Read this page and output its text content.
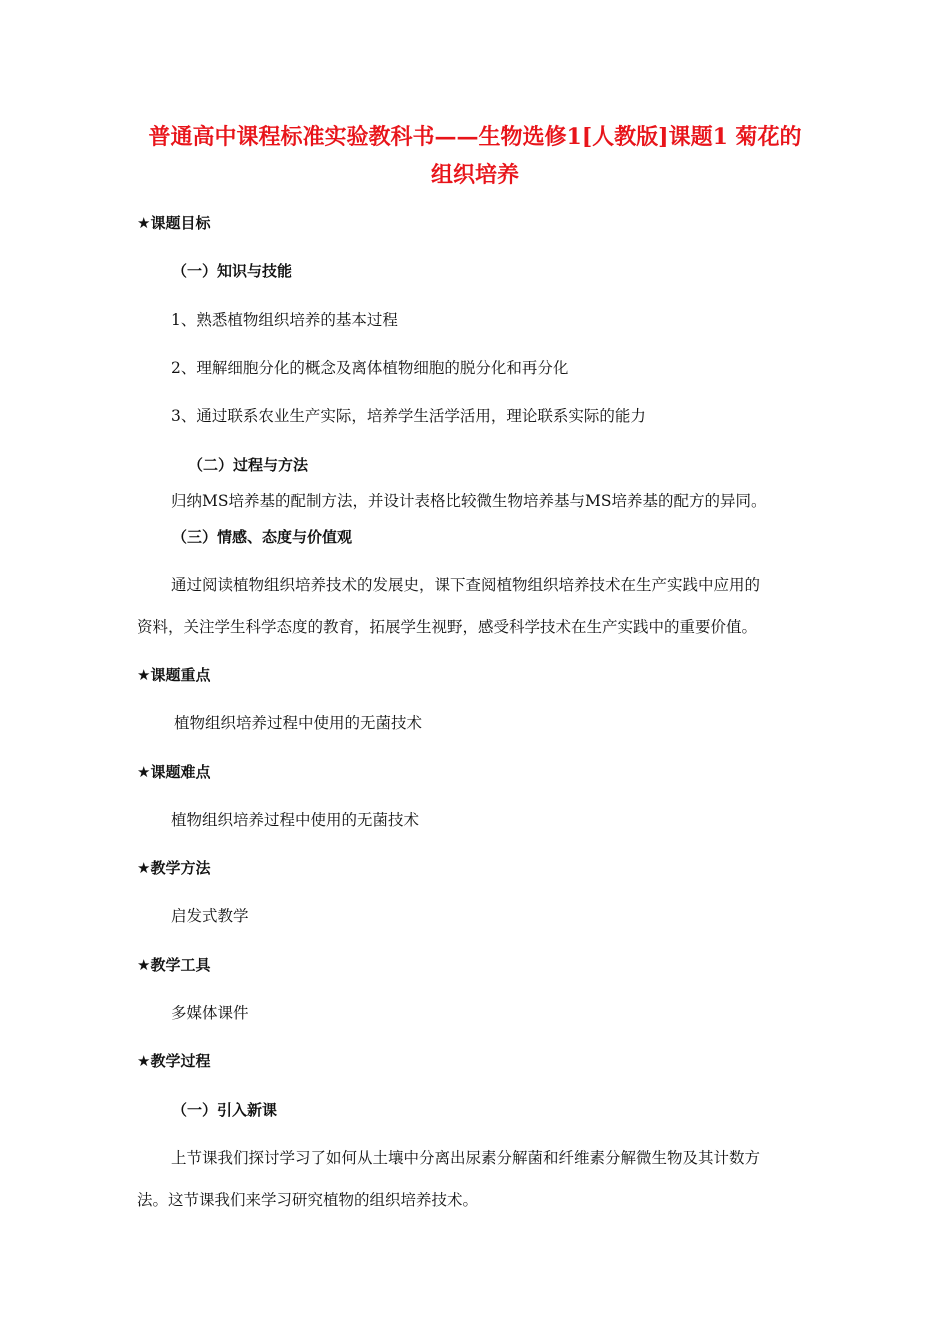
普通高中课程标准实验教科书——生物选修1[人教版]课题1 菊花的
组织培养
★课题目标
（一）知识与技能
1、熟悉植物组织培养的基本过程
2、理解细胞分化的概念及离体植物细胞的脱分化和再分化
3、通过联系农业生产实际，培养学生活学活用，理论联系实际的能力
（二）过程与方法
归纳MS培养基的配制方法，并设计表格比较微生物培养基与MS培养基的配方的异同。
（三）情感、态度与价值观
通过阅读植物组织培养技术的发展史，课下查阅植物组织培养技术在生产实践中应用的
资料，关注学生科学态度的教育，拓展学生视野，感受科学技术在生产实践中的重要价值。
★课题重点
植物组织培养过程中使用的无菌技术
★课题难点
植物组织培养过程中使用的无菌技术
★教学方法
启发式教学
★教学工具
多媒体课件
★教学过程
（一）引入新课
上节课我们探讨学习了如何从土壤中分离出尿素分解菌和纤维素分解微生物及其计数方
法。这节课我们来学习研究植物的组织培养技术。
